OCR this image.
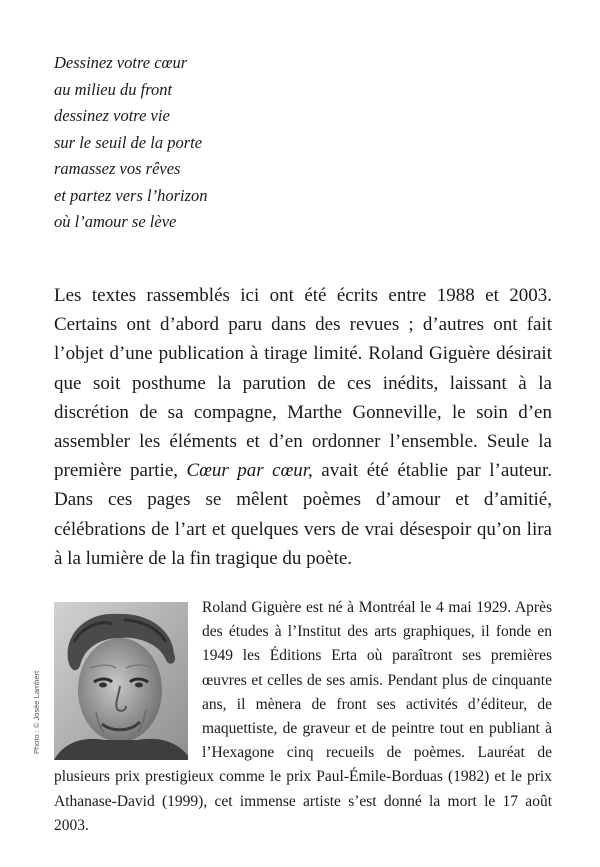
Dessinez votre cœur
au milieu du front
dessinez votre vie
sur le seuil de la porte
ramassez vos rêves
et partez vers l’horizon
où l’amour se lève

Les textes rassemblés ici ont été écrits entre 1988 et 2003. Certains ont d’abord paru dans des revues ; d’autres ont fait l’objet d’une publication à tirage limité. Roland Giguère désirait que soit posthume la parution de ces inédits, laissant à la discrétion de sa compagne, Marthe Gonneville, le soin d’en assembler les éléments et d’en ordonner l’ensemble. Seule la première partie, Cœur par cœur, avait été établie par l’auteur. Dans ces pages se mêlent poèmes d’amour et d’amitié, célébrations de l’art et quelques vers de vrai désespoir qu’on lira à la lumière de la fin tragique du poète.

Photo : © Josée Lambert

Roland Giguère est né à Montréal le 4 mai 1929. Après des études à l’Institut des arts graphiques, il fonde en 1949 les Éditions Erta où paraîtront ses premières œuvres et celles de ses amis. Pendant plus de cinquante ans, il mènera de front ses activités d’éditeur, de maquettiste, de graveur et de peintre tout en publiant à l’Hexagone cinq recueils de poèmes. Lauréat de plusieurs prix prestigieux comme le prix Paul-Émile-Borduas (1982) et le prix Athanase-David (1999), cet immense artiste s’est donné la mort le 17 août 2003.
